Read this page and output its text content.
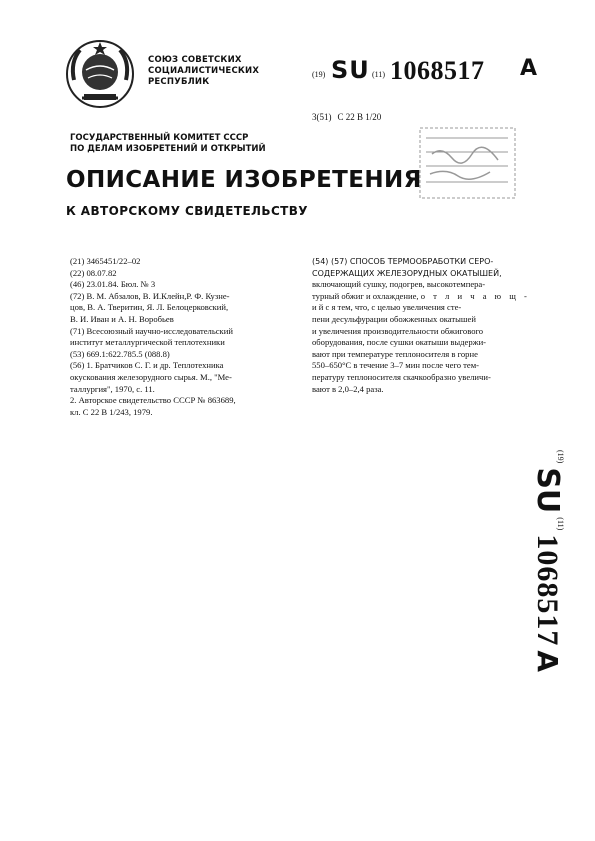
СОЮЗ СОВЕТСКИХ
СОЦИАЛИСТИЧЕСКИХ
РЕСПУБЛИК
(19) SU (11) 1068517 A
3(51) С 22 В 1/20
ГОСУДАРСТВЕННЫЙ КОМИТЕТ СССР
ПО ДЕЛАМ ИЗОБРЕТЕНИЙ И ОТКРЫТИЙ
ОПИСАНИЕ ИЗОБРЕТЕНИЯ
К АВТОРСКОМУ СВИДЕТЕЛЬСТВУ
(21) 3465451/22–02
(22) 08.07.82
(46) 23.01.84. Бюл. № 3
(72) В. М. Абзалов, В. И.Клейн,Р. Ф. Кузне-
цов, В. А. Тверитин, Я. Л. Белоцерковский,
В. И. Иван и А. Н. Воробьев
(71) Всесоюзный научно-исследовательский
институт металлургической теплотехники
(53) 669.1:622.785.5 (088.8)
(56) 1. Братчиков С. Г. и др. Теплотехника
окускования железорудного сырья. М., "Ме-
таллургия", 1970, с. 11.
2. Авторское свидетельство СССР № 863689,
кл. С 22 В 1/243, 1979.
(54) (57) СПОСОБ ТЕРМООБРАБОТКИ СЕРО-
СОДЕРЖАЩИХ ЖЕЛЕЗОРУДНЫХ ОКАТЫШЕЙ,
включающий сушку, подогрев, высокотемпера-
турный обжиг и охлаждение, о т л и ч а ю щ -
и й с я тем, что, с целью увеличения сте-
пени десульфурации обожженных окатышей
и увеличения производительности обжигового
оборудования, после сушки окатыши выдержи-
вают при температуре теплоносителя в горне
550–650°С в течение 3–7 мин после чего тем-
пературу теплоносителя скачкообразно увеличи-
вают в 2,0–2,4 раза.
$^{(19)}$ SU $^{(11)}$ 1068517 A
